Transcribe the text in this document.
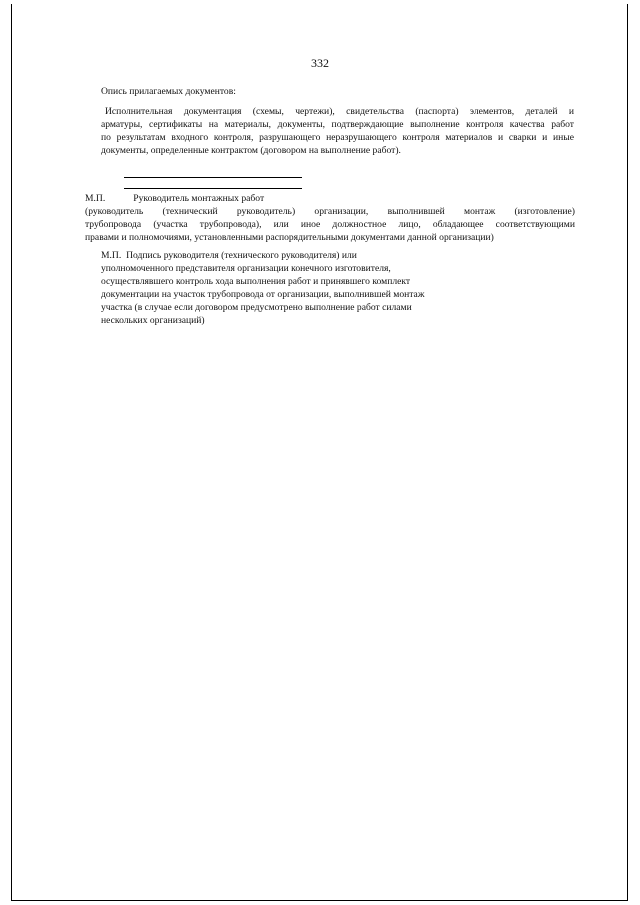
332
Опись прилагаемых документов:
Исполнительная документация (схемы, чертежи), свидетельства (паспорта) элементов, деталей и
арматуры, сертификаты на материалы, документы, подтверждающие выполнение контроля качества работ
по результатам входного контроля, разрушающего неразрушающего контроля материалов и сварки и иные
документы, определенные контрактом (договором на выполнение работ).
М.П.	Руководитель монтажных работ
(руководитель (технический руководитель) организации, выполнившей монтаж (изготовление)
трубопровода (участка трубопровода), или иное должностное лицо, обладающее соответствующими
правами и полномочиями, установленными распорядительными документами данной организации)
М.П. Подпись руководителя (технического руководителя) или
уполномоченного представителя организации конечного изготовителя,
осуществлявшего контроль хода выполнения работ и принявшего комплект
документации на участок трубопровода от организации, выполнившей монтаж
участка (в случае если договором предусмотрено выполнение работ силами
нескольких организаций)
